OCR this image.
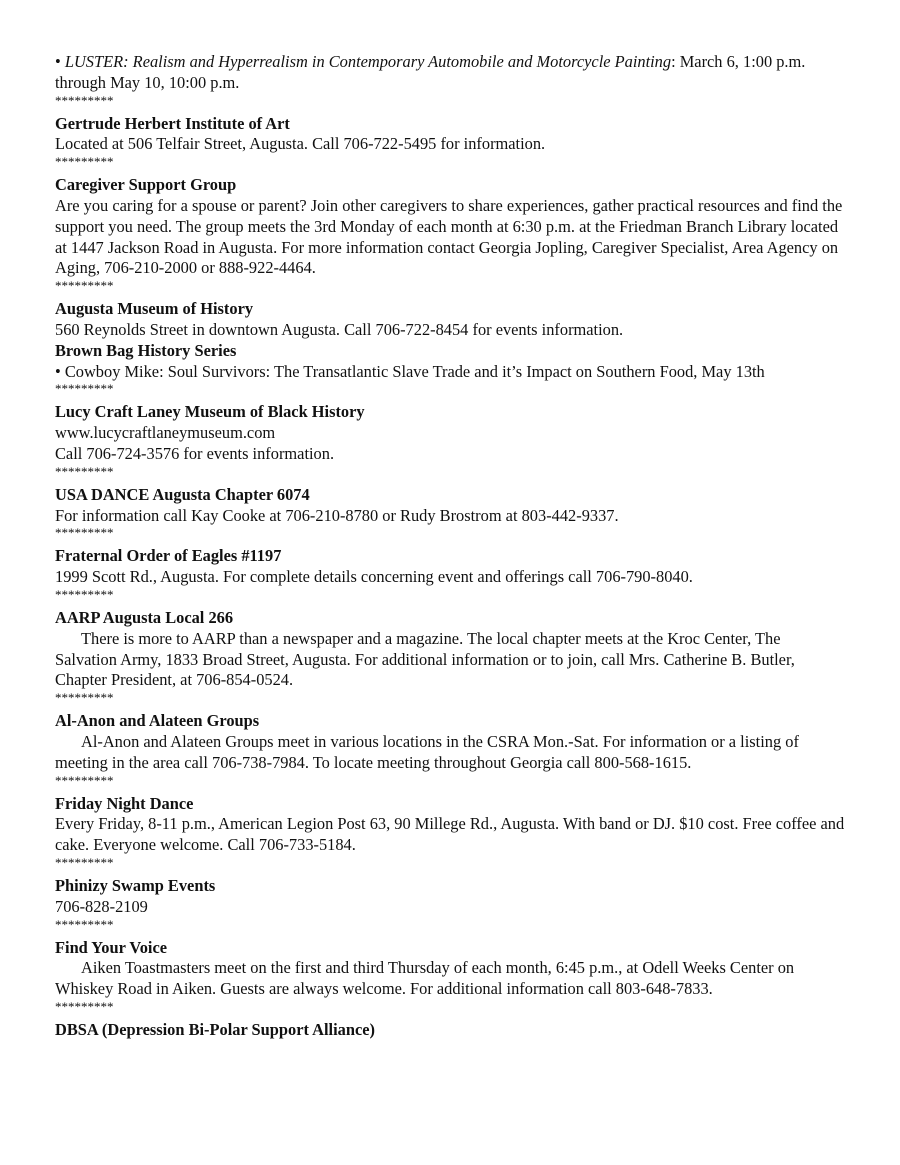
• LUSTER: Realism and Hyperrealism in Contemporary Automobile and Motorcycle Painting: March 6, 1:00 p.m. through May 10, 10:00 p.m.
*********
Gertrude Herbert Institute of Art
Located at 506 Telfair Street, Augusta. Call 706-722-5495 for information.
*********
Caregiver Support Group
Are you caring for a spouse or parent? Join other caregivers to share experiences, gather practical resources and find the support you need. The group meets the 3rd Monday of each month at 6:30 p.m. at the Friedman Branch Library located at 1447 Jackson Road in Augusta. For more information contact Georgia Jopling, Caregiver Specialist, Area Agency on Aging, 706-210-2000 or 888-922-4464.
*********
Augusta Museum of History
560 Reynolds Street in downtown Augusta. Call 706-722-8454 for events information.
Brown Bag History Series
• Cowboy Mike: Soul Survivors: The Transatlantic Slave Trade and it’s Impact on Southern Food, May 13th
*********
Lucy Craft Laney Museum of Black History
www.lucycraftlaneymuseum.com
Call 706-724-3576 for events information.
*********
USA DANCE Augusta Chapter 6074
For information call Kay Cooke at 706-210-8780 or Rudy Brostrom at 803-442-9337.
*********
Fraternal Order of Eagles #1197
1999 Scott Rd., Augusta. For complete details concerning event and offerings call 706-790-8040.
*********
AARP Augusta Local 266
There is more to AARP than a newspaper and a magazine. The local chapter meets at the Kroc Center, The Salvation Army, 1833 Broad Street, Augusta. For additional information or to join, call Mrs. Catherine B. Butler, Chapter President, at 706-854-0524.
*********
Al-Anon and Alateen Groups
Al-Anon and Alateen Groups meet in various locations in the CSRA Mon.-Sat. For information or a listing of meeting in the area call 706-738-7984. To locate meeting throughout Georgia call 800-568-1615.
*********
Friday Night Dance
Every Friday, 8-11 p.m., American Legion Post 63, 90 Millege Rd., Augusta. With band or DJ. $10 cost. Free coffee and cake. Everyone welcome. Call 706-733-5184.
*********
Phinizy Swamp Events
706-828-2109
*********
Find Your Voice
Aiken Toastmasters meet on the first and third Thursday of each month, 6:45 p.m., at Odell Weeks Center on Whiskey Road in Aiken. Guests are always welcome. For additional information call 803-648-7833.
*********
DBSA (Depression Bi-Polar Support Alliance)
